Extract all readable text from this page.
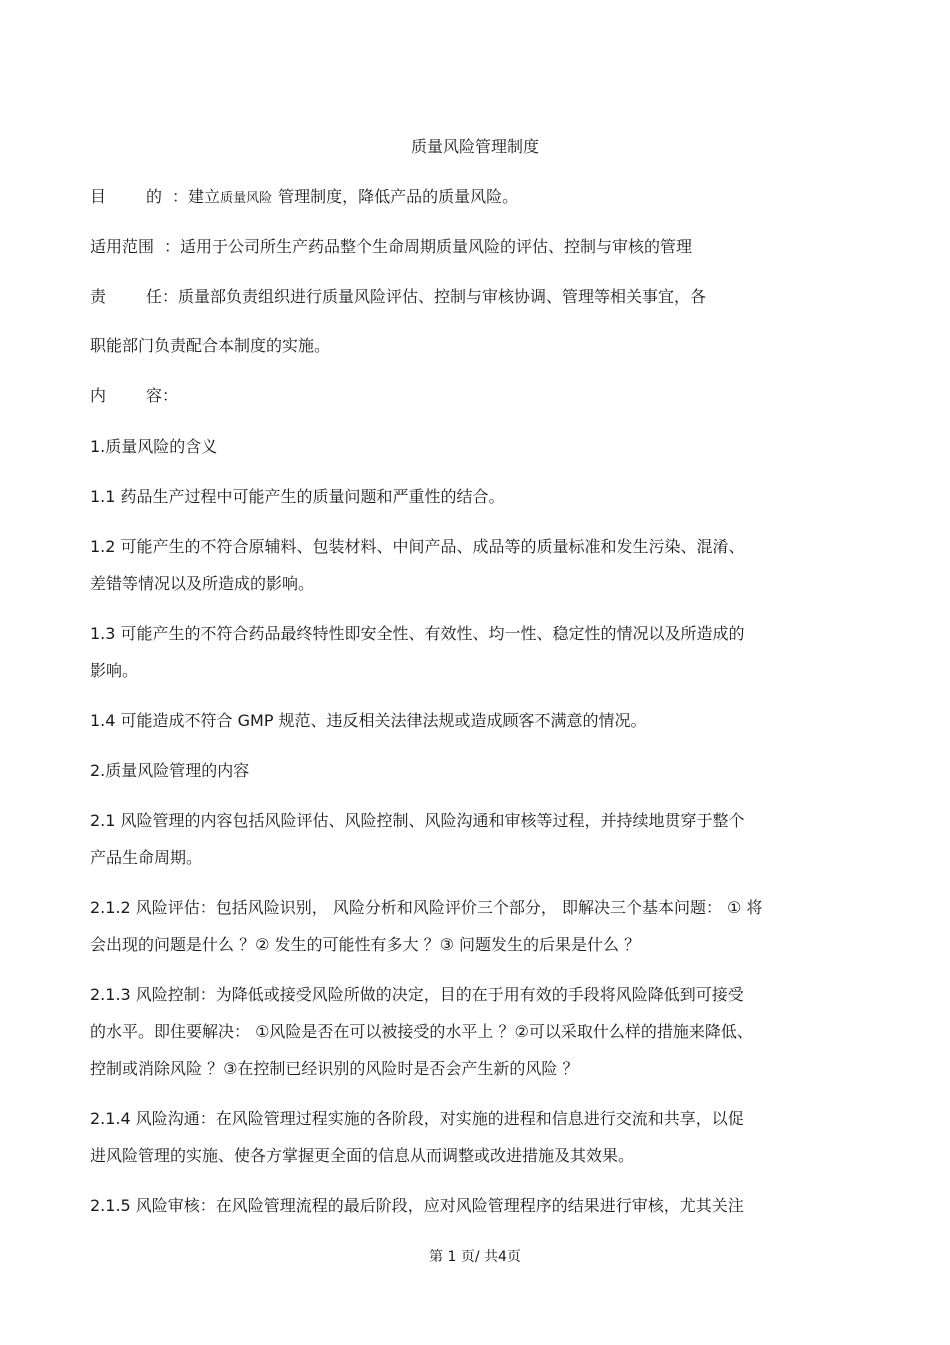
质量风险管理制度
目	的 ：建立质量风险 管理制度，降低产品的质量风险。
适用范围 ：适用于公司所生产药品整个生命周期质量风险的评估、控制与审核的管理
责	任：质量部负责组织进行质量风险评估、控制与审核协调、管理等相关事宜，各
职能部门负责配合本制度的实施。
内	容：
1.质量风险的含义
1.1 药品生产过程中可能产生的质量问题和严重性的结合。
1.2 可能产生的不符合原辅料、包装材料、中间产品、成品等的质量标准和发生污染、混淆、
差错等情况以及所造成的影响。
1.3 可能产生的不符合药品最终特性即安全性、有效性、均一性、稳定性的情况以及所造成的
影响。
1.4 可能造成不符合 GMP 规范、违反相关法律法规或造成顾客不满意的情况。
2.质量风险管理的内容
2.1 风险管理的内容包括风险评估、风险控制、风险沟通和审核等过程，并持续地贯穿于整个
产品生命周期。
2.1.2 风险评估：包括风险识别， 风险分析和风险评价三个部分， 即解决三个基本问题： ① 将
会出现的问题是什么 ？② 发生的可能性有多大 ？③ 问题发生的后果是什么 ？
2.1.3 风险控制：为降低或接受风险所做的决定，目的在于用有效的手段将风险降低到可接受
的水平。即住要解决： ①风险是否在可以被接受的水平上 ？②可以采取什么样的措施来降低、
控制或消除风险 ？③在控制已经识别的风险时是否会产生新的风险 ？
2.1.4 风险沟通：在风险管理过程实施的各阶段，对实施的进程和信息进行交流和共享，以促
进风险管理的实施、使各方掌握更全面的信息从而调整或改进措施及其效果。
2.1.5 风险审核：在风险管理流程的最后阶段，应对风险管理程序的结果进行审核，尤其关注
第 1 页/ 共4页
